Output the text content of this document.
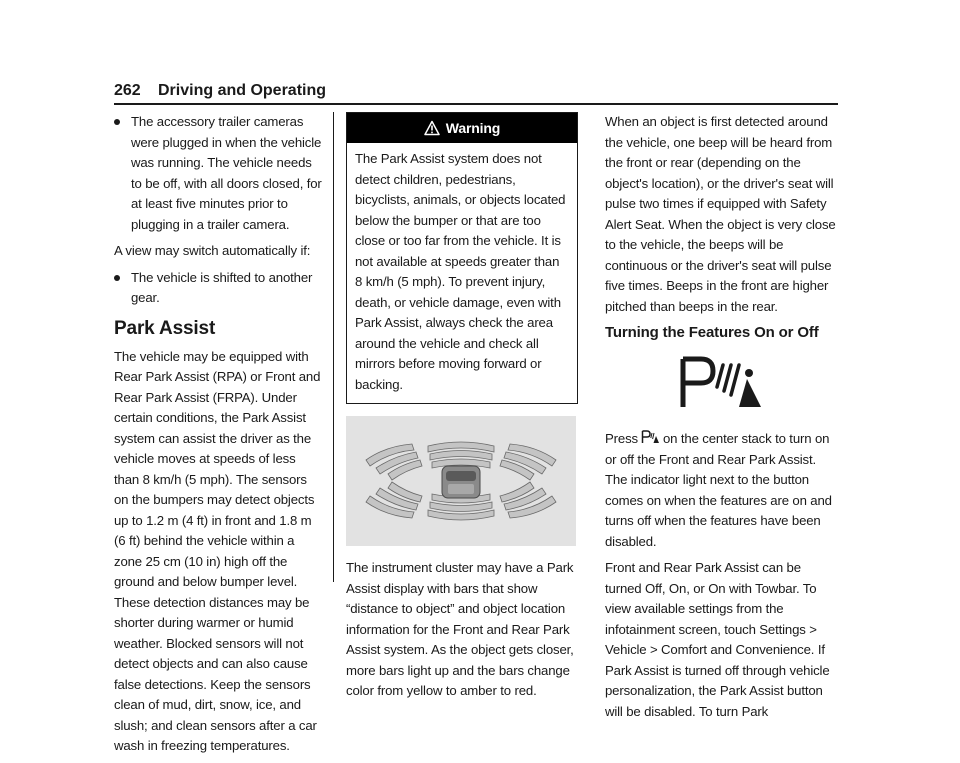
262 Driving and Operating
The accessory trailer cameras were plugged in when the vehicle was running. The vehicle needs to be off, with all doors closed, for at least five minutes prior to plugging in a trailer camera.

A view may switch automatically if:

The vehicle is shifted to another gear.
Park Assist

The vehicle may be equipped with Rear Park Assist (RPA) or Front and Rear Park Assist (FRPA). Under certain conditions, the Park Assist system can assist the driver as the vehicle moves at speeds of less than 8 km/h (5 mph). The sensors on the bumpers may detect objects up to 1.2 m (4 ft) in front and 1.8 m (6 ft) behind the vehicle within a zone 25 cm (10 in) high off the ground and below bumper level. These detection distances may be shorter during warmer or humid weather. Blocked sensors will not detect objects and can also cause false detections. Keep the sensors clean of mud, dirt, snow, ice, and slush; and clean sensors after a car wash in freezing temperatures.

Warning
The Park Assist system does not detect children, pedestrians, bicyclists, animals, or objects located below the bumper or that are too close or too far from the vehicle. It is not available at speeds greater than 8 km/h (5 mph). To prevent injury, death, or vehicle damage, even with Park Assist, always check the area around the vehicle and check all mirrors before moving forward or backing.

The instrument cluster may have a Park Assist display with bars that show “distance to object” and object location information for the Front and Rear Park Assist system. As the object gets closer, more bars light up and the bars change color from yellow to amber to red.

When an object is first detected around the vehicle, one beep will be heard from the front or rear (depending on the object's location), or the driver's seat will pulse two times if equipped with Safety Alert Seat. When the object is very close to the vehicle, the beeps will be continuous or the driver's seat will pulse five times. Beeps in the front are higher pitched than beeps in the rear.

Turning the Features On or Off

Press on the center stack to turn on or off the Front and Rear Park Assist. The indicator light next to the button comes on when the features are on and turns off when the features have been disabled.

Front and Rear Park Assist can be turned Off, On, or On with Towbar. To view available settings from the infotainment screen, touch Settings > Vehicle > Comfort and Convenience. If Park Assist is turned off through vehicle personalization, the Park Assist button will be disabled. To turn Park
